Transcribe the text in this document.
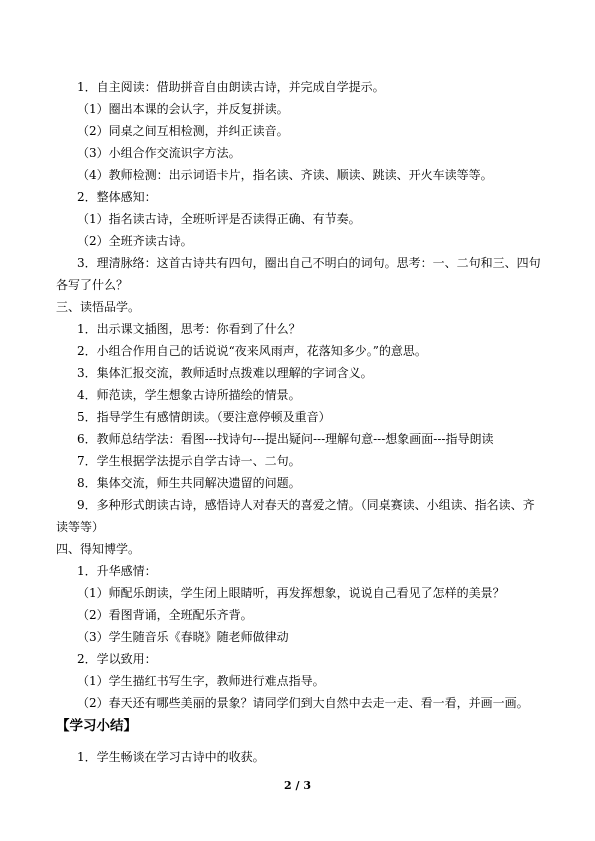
1．自主阅读：借助拼音自由朗读古诗，并完成自学提示。
（1）圈出本课的会认字，并反复拼读。
（2）同桌之间互相检测，并纠正读音。
（3）小组合作交流识字方法。
（4）教师检测：出示词语卡片，指名读、齐读、顺读、跳读、开火车读等等。
2．整体感知：
（1）指名读古诗，全班听评是否读得正确、有节奏。
（2）全班齐读古诗。
3．理清脉络：这首古诗共有四句，圈出自己不明白的词句。思考：一、二句和三、四句
各写了什么？
三、读悟品学。
1．出示课文插图，思考：你看到了什么？
2．小组合作用自己的话说说“夜来风雨声，花落知多少。”的意思。
3．集体汇报交流，教师适时点拨难以理解的字词含义。
4．师范读，学生想象古诗所描绘的情景。
5．指导学生有感情朗读。（要注意停顿及重音）
6．教师总结学法：看图---找诗句---提出疑问---理解句意---想象画面---指导朗读
7．学生根据学法提示自学古诗一、二句。
8．集体交流，师生共同解决遗留的问题。
9．多种形式朗读古诗，感悟诗人对春天的喜爱之情。（同桌赛读、小组读、指名读、齐
读等等）
四、得知博学。
1．升华感情：
（1）师配乐朗读，学生闭上眼睛听，再发挥想象，说说自己看见了怎样的美景？
（2）看图背诵，全班配乐齐背。
（3）学生随音乐《春晓》随老师做律动
2．学以致用：
（1）学生描红书写生字，教师进行难点指导。
（2）春天还有哪些美丽的景象？请同学们到大自然中去走一走、看一看，并画一画。
【学习小结】
1．学生畅谈在学习古诗中的收获。
2 / 3
